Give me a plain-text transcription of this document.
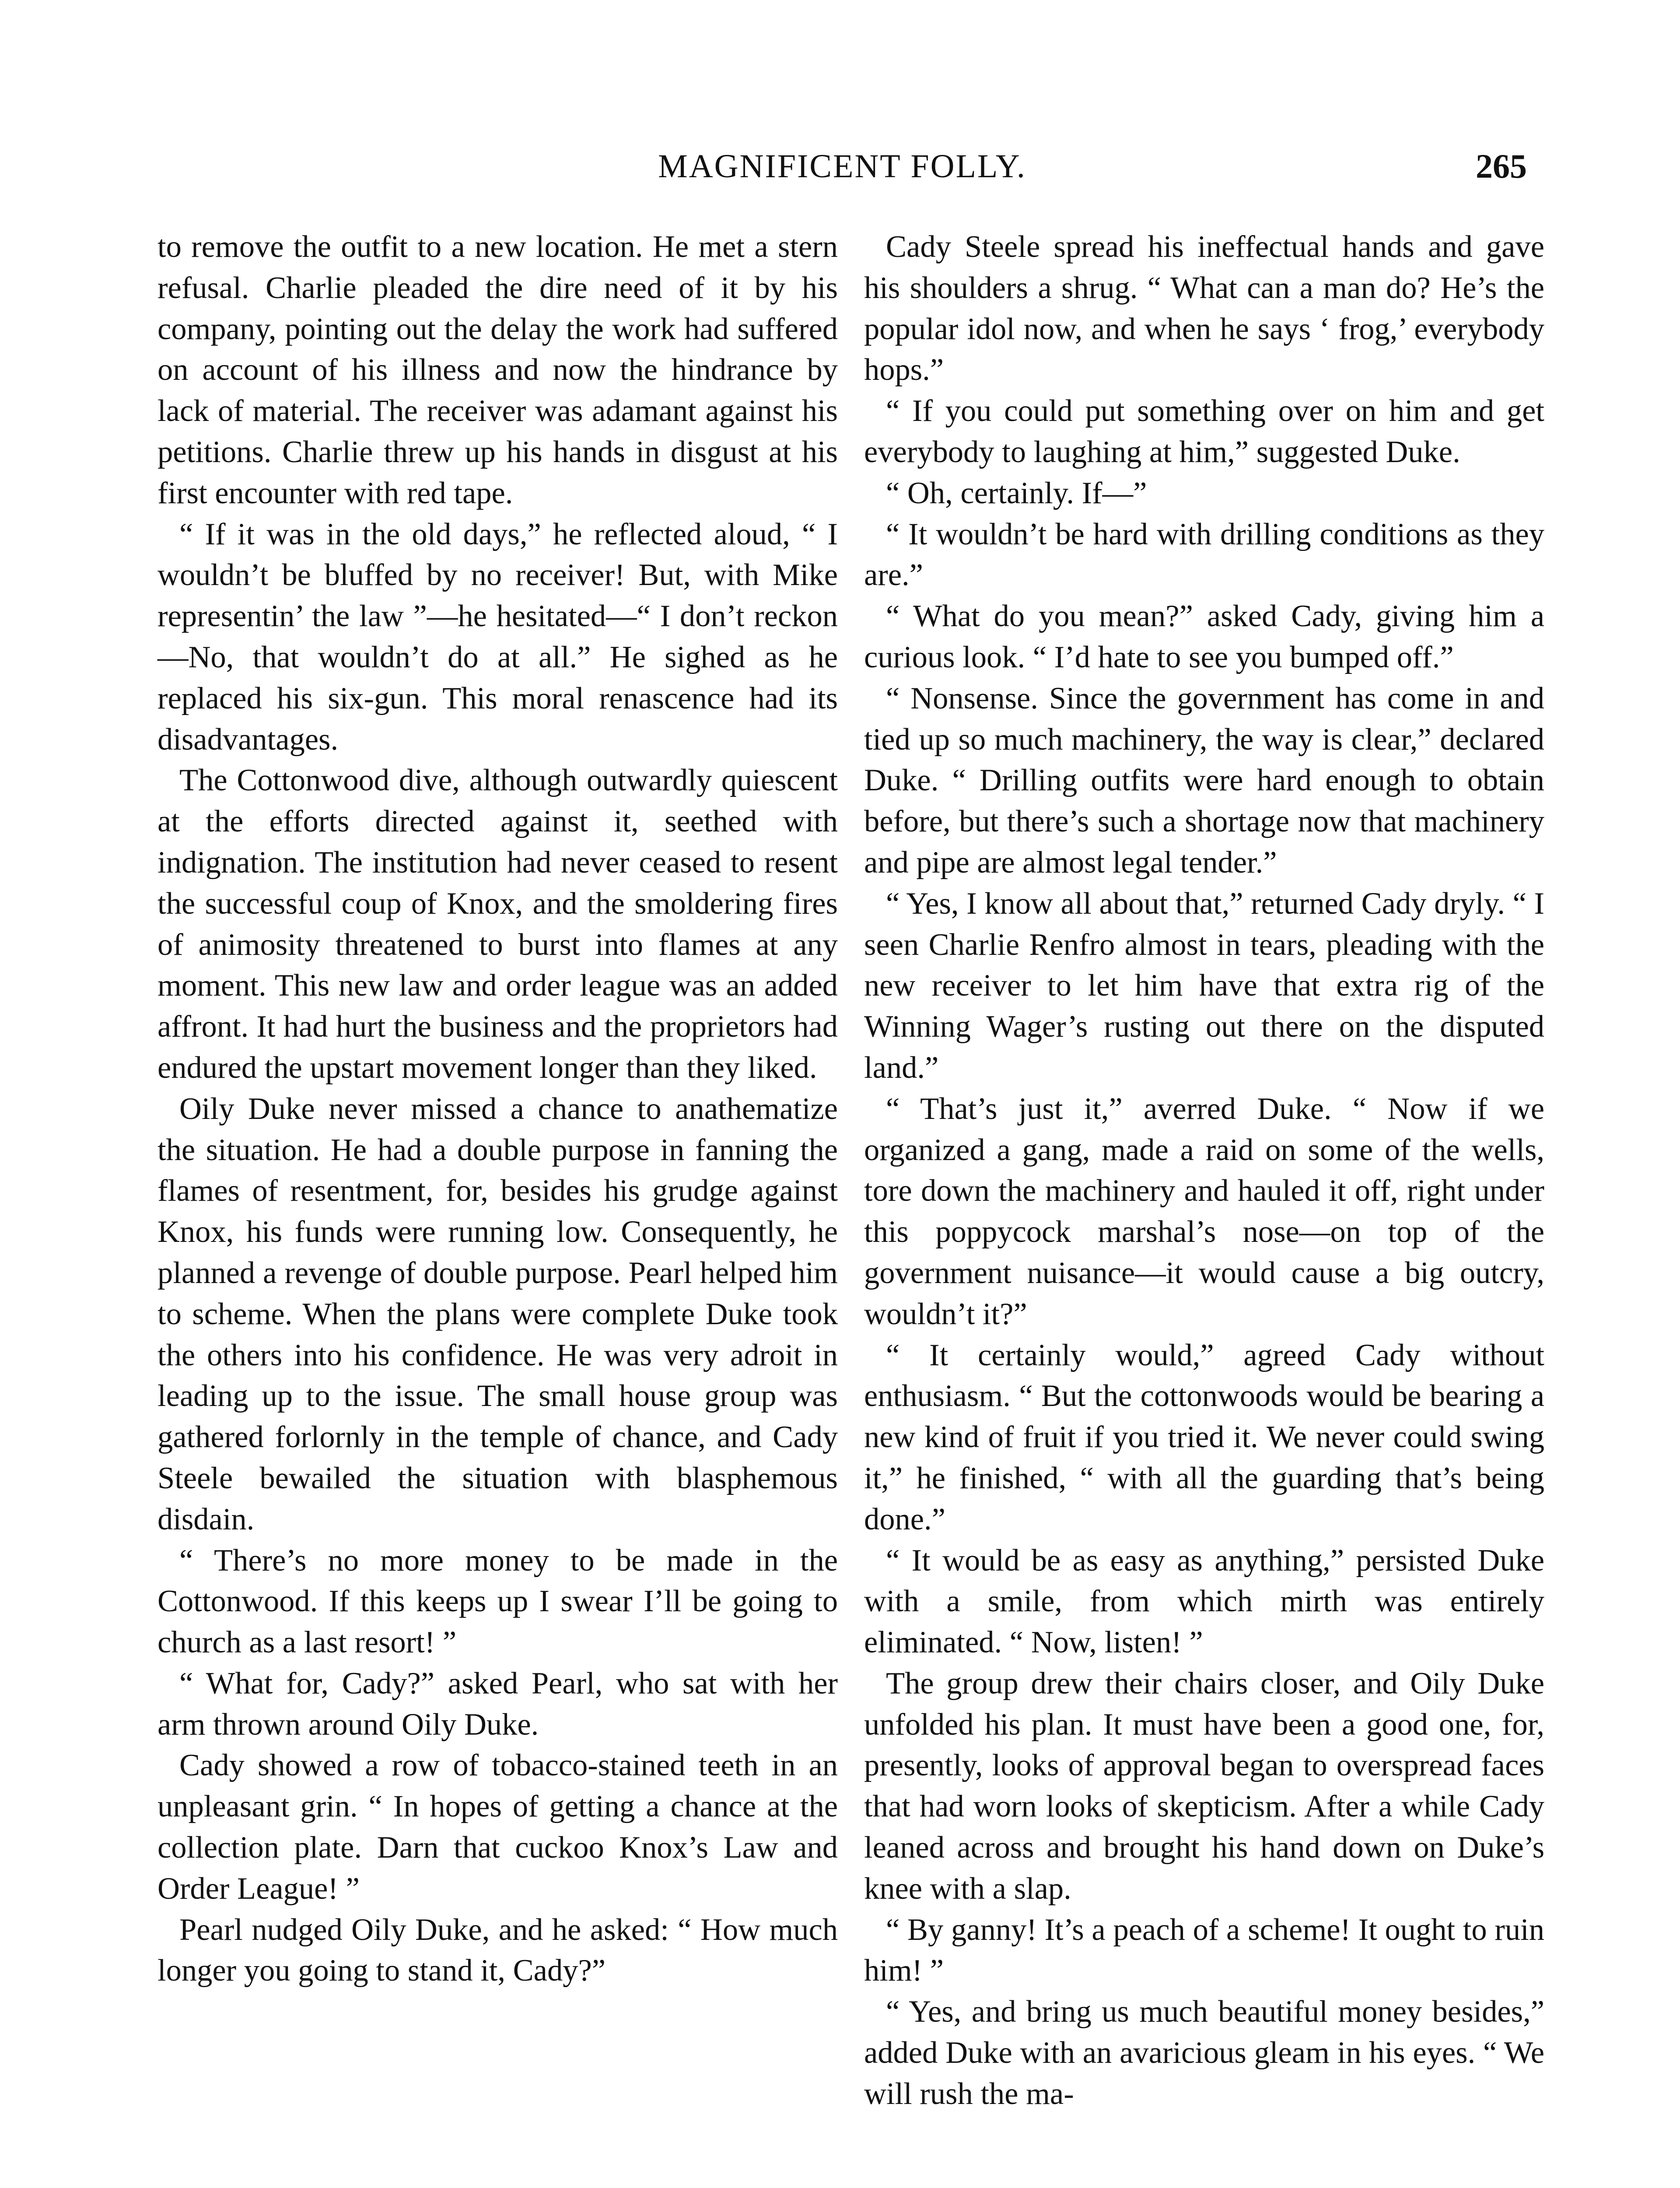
MAGNIFICENT FOLLY.	265

to remove the outfit to a new location. He met a stern refusal. Charlie pleaded the dire need of it by his company, pointing out the delay the work had suffered on account of his illness and now the hindrance by lack of material. The receiver was adamant against his petitions. Charlie threw up his hands in disgust at his first encounter with red tape.

“ If it was in the old days,” he reflected aloud, “ I wouldn’t be bluffed by no receiver! But, with Mike representin’ the law ”—he hesitated—“ I don’t reckon—No, that wouldn’t do at all.” He sighed as he replaced his six-gun. This moral renascence had its disadvantages.

The Cottonwood dive, although outwardly quiescent at the efforts directed against it, seethed with indignation. The institution had never ceased to resent the successful coup of Knox, and the smoldering fires of animosity threatened to burst into flames at any moment. This new law and order league was an added affront. It had hurt the business and the proprietors had endured the upstart movement longer than they liked.

Oily Duke never missed a chance to anathematize the situation. He had a double purpose in fanning the flames of resentment, for, besides his grudge against Knox, his funds were running low. Consequently, he planned a revenge of double purpose. Pearl helped him to scheme. When the plans were complete Duke took the others into his confidence. He was very adroit in leading up to the issue. The small house group was gathered forlornly in the temple of chance, and Cady Steele bewailed the situation with blasphemous disdain.

“ There’s no more money to be made in the Cottonwood. If this keeps up I swear I’ll be going to church as a last resort! ”

“ What for, Cady?” asked Pearl, who sat with her arm thrown around Oily Duke.

Cady showed a row of tobacco-stained teeth in an unpleasant grin. “ In hopes of getting a chance at the collection plate. Darn that cuckoo Knox’s Law and Order League! ”

Pearl nudged Oily Duke, and he asked: “ How much longer you going to stand it, Cady?”

Cady Steele spread his ineffectual hands and gave his shoulders a shrug. “ What can a man do? He’s the popular idol now, and when he says ‘ frog,’ everybody hops.”

“ If you could put something over on him and get everybody to laughing at him,” suggested Duke.

“ Oh, certainly. If—”

“ It wouldn’t be hard with drilling conditions as they are.”

“ What do you mean?” asked Cady, giving him a curious look. “ I’d hate to see you bumped off.”

“ Nonsense. Since the government has come in and tied up so much machinery, the way is clear,” declared Duke. “ Drilling outfits were hard enough to obtain before, but there’s such a shortage now that machinery and pipe are almost legal tender.”

“ Yes, I know all about that,” returned Cady dryly. “ I seen Charlie Renfro almost in tears, pleading with the new receiver to let him have that extra rig of the Winning Wager’s rusting out there on the disputed land.”

“ That’s just it,” averred Duke. “ Now if we organized a gang, made a raid on some of the wells, tore down the machinery and hauled it off, right under this poppycock marshal’s nose—on top of the government nuisance—it would cause a big outcry, wouldn’t it?”

“ It certainly would,” agreed Cady without enthusiasm. “ But the cottonwoods would be bearing a new kind of fruit if you tried it. We never could swing it,” he finished, “ with all the guarding that’s being done.”

“ It would be as easy as anything,” persisted Duke with a smile, from which mirth was entirely eliminated. “ Now, listen! ”

The group drew their chairs closer, and Oily Duke unfolded his plan. It must have been a good one, for, presently, looks of approval began to overspread faces that had worn looks of skepticism. After a while Cady leaned across and brought his hand down on Duke’s knee with a slap.

“ By ganny! It’s a peach of a scheme! It ought to ruin him! ”

“ Yes, and bring us much beautiful money besides,” added Duke with an avaricious gleam in his eyes. “ We will rush the ma-
